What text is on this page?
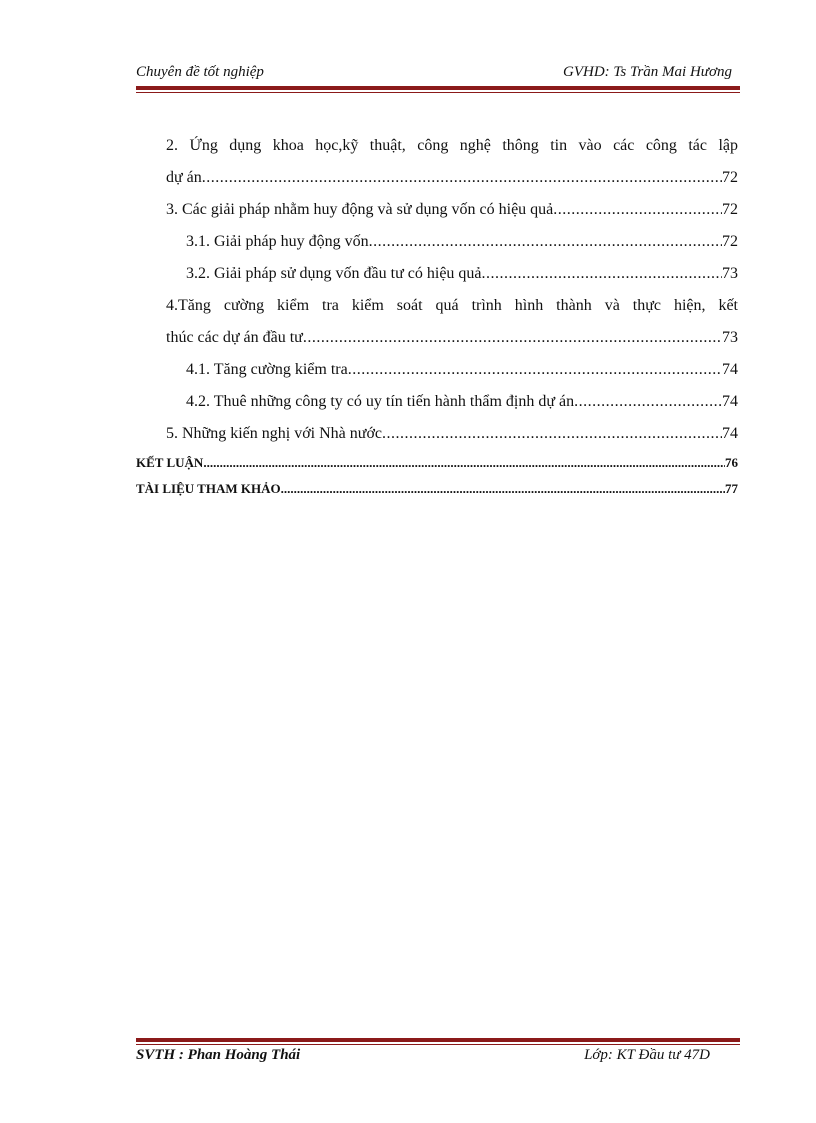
Chuyên đề tốt nghiệp	GVHD: Ts Trần Mai Hương
2. Ứng dụng khoa học,kỹ thuật, công nghệ thông tin vào các công tác lập
dự án .....	72
3. Các giải pháp nhằm huy động và sử dụng vốn có hiệu quả .....	72
3.1. Giải pháp huy động vốn .....	72
3.2. Giải pháp sử dụng vốn đầu tư có hiệu quả .....	73
4.Tăng cường kiểm tra kiểm soát quá trình hình thành và thực hiện, kết
thúc các dự án đầu tư .....	73
4.1. Tăng cường kiểm tra .....	74
4.2. Thuê những công ty có uy tín tiến hành thẩm định dự án .....	74
5. Những kiến nghị với Nhà nước .....	74
KẾT LUẬN .....	76
TÀI LIỆU THAM KHẢO .....	77
SVTH : Phan Hoàng Thái	Lớp: KT Đầu tư 47D
